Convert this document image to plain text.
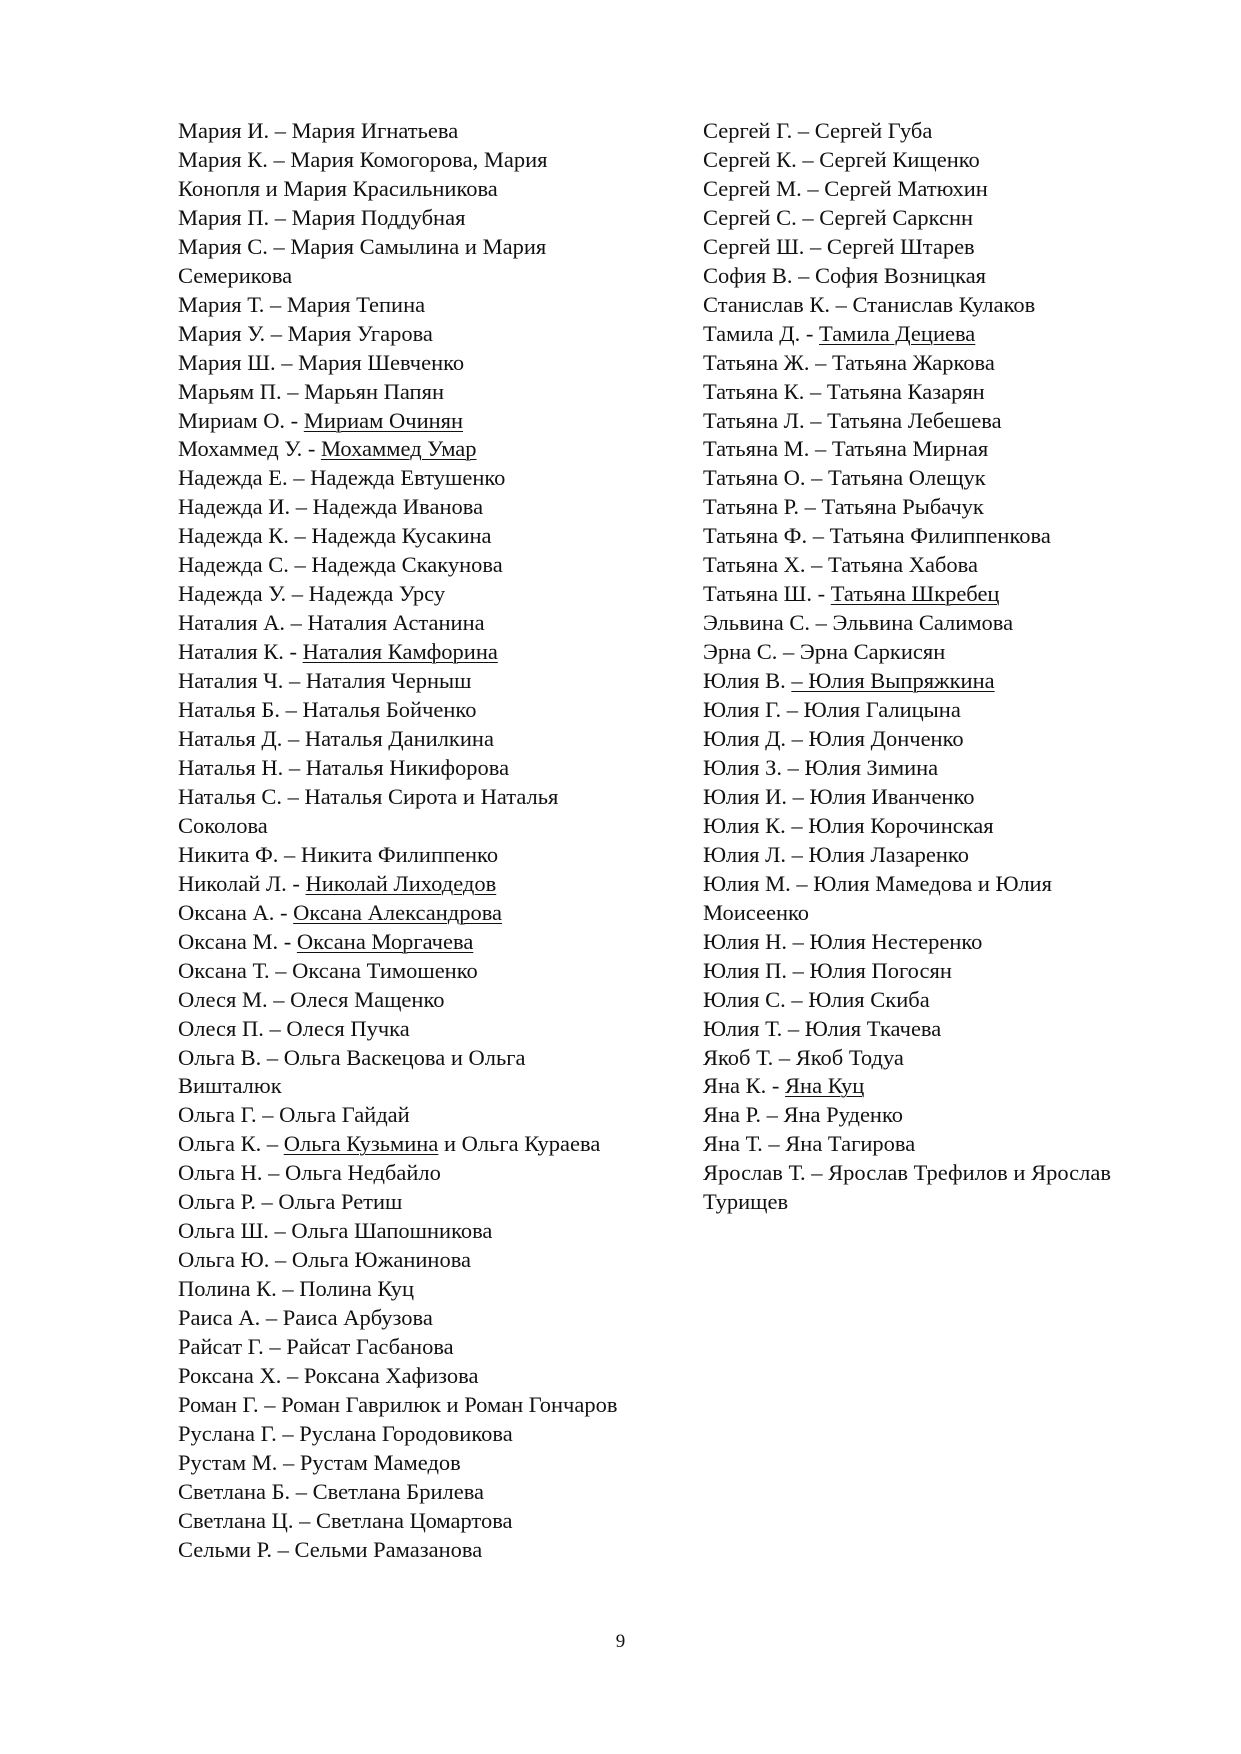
Мария И. – Мария Игнатьева
Мария К. – Мария Комогорова, Мария Конопля и Мария Красильникова
Мария П. – Мария Поддубная
Мария С. – Мария Самылина и Мария Семерикова
Мария Т. – Мария Тепина
Мария У. – Мария Угарова
Мария Ш. – Мария Шевченко
Марьям П. – Марьян Папян
Мириам О. - Мириам Очинян
Мохаммед У. - Мохаммед Умар
Надежда Е. – Надежда Евтушенко
Надежда И. – Надежда Иванова
Надежда К. – Надежда Кусакина
Надежда С. – Надежда Скакунова
Надежда У. – Надежда Урсу
Наталия А. – Наталия Астанина
Наталия К. - Наталия Камфорина
Наталия Ч. – Наталия Черныш
Наталья Б. – Наталья Бойченко
Наталья Д. – Наталья Данилкина
Наталья Н. – Наталья Никифорова
Наталья С. – Наталья Сирота и Наталья Соколова
Никита Ф. – Никита Филиппенко
Николай Л. - Николай Лиходедов
Оксана А. - Оксана Александрова
Оксана М. - Оксана Моргачева
Оксана Т. – Оксана Тимошенко
Олеся М. – Олеся Мащенко
Олеся П. – Олеся Пучка
Ольга В. – Ольга Васкецова и Ольга Вишталюк
Ольга Г. – Ольга Гайдай
Ольга К. – Ольга Кузьмина и Ольга Кураева
Ольга Н. – Ольга Недбайло
Ольга Р. – Ольга Ретиш
Ольга Ш. – Ольга Шапошникова
Ольга Ю. – Ольга Южанинова
Полина К. – Полина Куц
Раиса А. – Раиса Арбузова
Райсат Г. – Райсат Гасбанова
Роксана Х. – Роксана Хафизова
Роман Г. – Роман Гаврилюк и Роман Гончаров
Руслана Г. – Руслана Городовикова
Рустам М. – Рустам Мамедов
Светлана Б. – Светлана Брилева
Светлана Ц. – Светлана Цомартова
Сельми Р. – Сельми Рамазанова
Сергей Г. – Сергей Губа
Сергей К. – Сергей Кищенко
Сергей М. – Сергей Матюхин
Сергей С. – Сергей Саркснн
Сергей Ш. – Сергей Штарев
София В. – София Возницкая
Станислав К. – Станислав Кулаков
Тамила Д. - Тамила Дециева
Татьяна Ж. – Татьяна Жаркова
Татьяна К. – Татьяна Казарян
Татьяна Л. – Татьяна Лебешева
Татьяна М. – Татьяна Мирная
Татьяна О. – Татьяна Олещук
Татьяна Р. – Татьяна Рыбачук
Татьяна Ф. – Татьяна Филиппенкова
Татьяна Х. – Татьяна Хабова
Татьяна Ш. - Татьяна Шкребец
Эльвина С. – Эльвина Салимова
Эрна С. – Эрна Саркисян
Юлия В. – Юлия Выпряжкина
Юлия Г. – Юлия Галицына
Юлия Д. – Юлия Донченко
Юлия З. – Юлия Зимина
Юлия И. – Юлия Иванченко
Юлия К. – Юлия Корочинская
Юлия Л. – Юлия Лазаренко
Юлия М. – Юлия Мамедова и Юлия Моисеенко
Юлия Н. – Юлия Нестеренко
Юлия П. – Юлия Погосян
Юлия С. – Юлия Скиба
Юлия Т. – Юлия Ткачева
Якоб Т. – Якоб Тодуа
Яна К. - Яна Куц
Яна Р. – Яна Руденко
Яна Т. – Яна Тагирова
Ярослав Т. – Ярослав Трефилов и Ярослав Турищев
9
